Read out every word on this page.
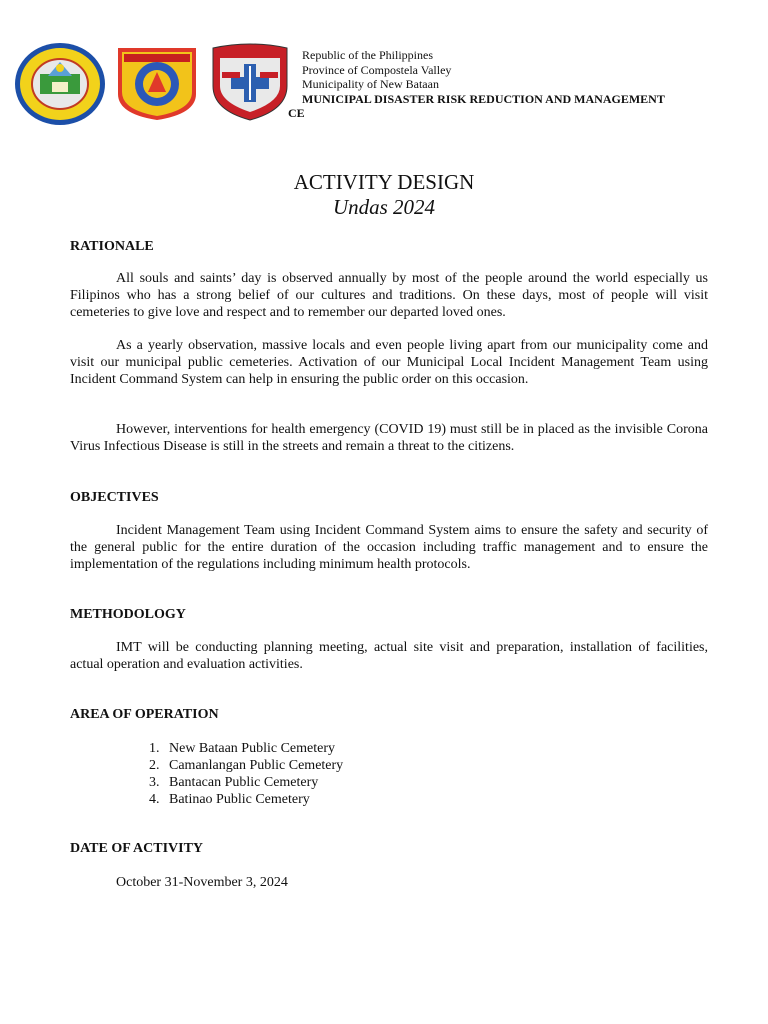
Republic of the Philippines
Province of Compostela Valley
Municipality of New Bataan
MUNICIPAL DISASTER RISK REDUCTION AND MANAGEMENT
CE
ACTIVITY DESIGN
Undas 2024
RATIONALE

All souls and saints’ day is observed annually by most of the people around the world especially us Filipinos who has a strong belief of our cultures and traditions. On these days, most of people will visit cemeteries to give love and respect and to remember our departed loved ones.

As a yearly observation, massive locals and even people living apart from our municipality come and visit our municipal public cemeteries. Activation of our Municipal Local Incident Management Team using Incident Command System can help in ensuring the public order on this occasion.

However, interventions for health emergency (COVID 19) must still be in placed as the invisible Corona Virus Infectious Disease is still in the streets and remain a threat to the citizens.

OBJECTIVES

Incident Management Team using Incident Command System aims to ensure the safety and security of the general public for the entire duration of the occasion including traffic management and to ensure the implementation of the regulations including minimum health protocols.

METHODOLOGY

IMT will be conducting planning meeting, actual site visit and preparation, installation of facilities, actual operation and evaluation activities.

AREA OF OPERATION
1. New Bataan Public Cemetery
2. Camanlangan Public Cemetery
3. Bantacan Public Cemetery
4. Batinao Public Cemetery
DATE OF ACTIVITY
October 31-November 3, 2024
